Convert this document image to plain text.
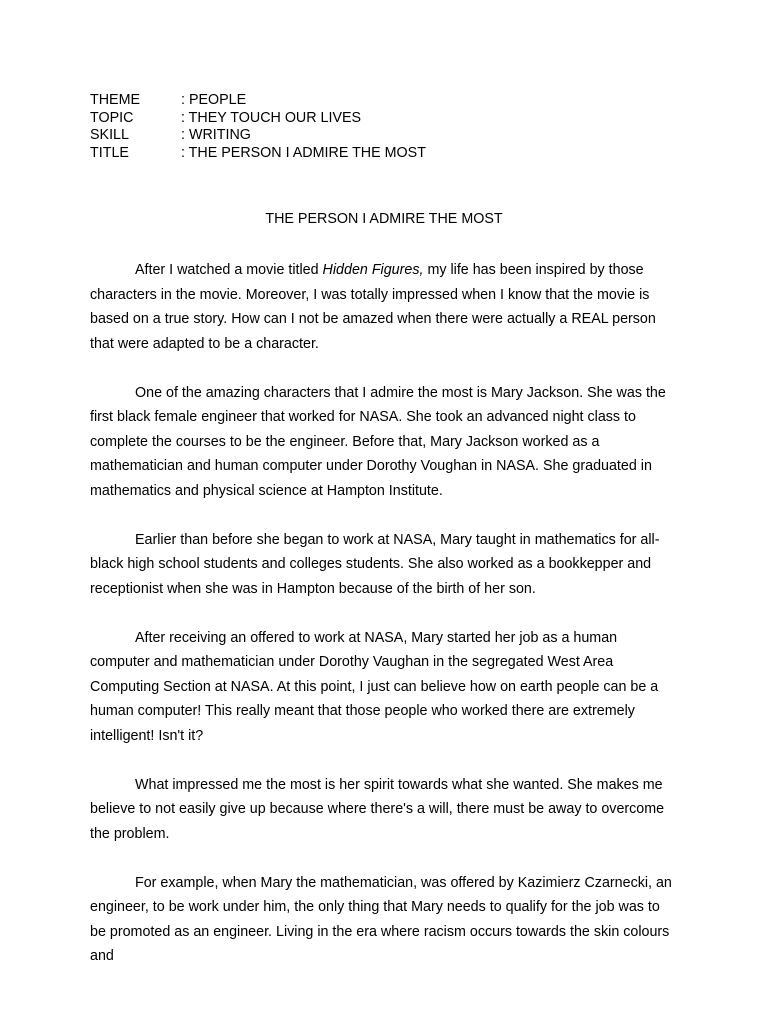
THEME	: PEOPLE
TOPIC	: THEY TOUCH OUR LIVES
SKILL	: WRITING
TITLE	: THE PERSON I ADMIRE THE MOST
THE PERSON I ADMIRE THE MOST

After I watched a movie titled Hidden Figures, my life has been inspired by those characters in the movie. Moreover, I was totally impressed when I know that the movie is based on a true story. How can I not be amazed when there were actually a REAL person that were adapted to be a character.

One of the amazing characters that I admire the most is Mary Jackson. She was the first black female engineer that worked for NASA. She took an advanced night class to complete the courses to be the engineer. Before that, Mary Jackson worked as a mathematician and human computer under Dorothy Voughan in NASA. She graduated in mathematics and physical science at Hampton Institute.

Earlier than before she began to work at NASA, Mary taught in mathematics for all-black high school students and colleges students. She also worked as a bookkepper and receptionist when she was in Hampton because of the birth of her son.

After receiving an offered to work at NASA, Mary started her job as a human computer and mathematician under Dorothy Vaughan in the segregated West Area Computing Section at NASA. At this point, I just can believe how on earth people can be a human computer! This really meant that those people who worked there are extremely intelligent! Isn't it?

What impressed me the most is her spirit towards what she wanted. She makes me believe to not easily give up because where there's a will, there must be away to overcome the problem.

For example, when Mary the mathematician, was offered by Kazimierz Czarnecki, an engineer, to be work under him, the only thing that Mary needs to qualify for the job was to be promoted as an engineer. Living in the era where racism occurs towards the skin colours and
